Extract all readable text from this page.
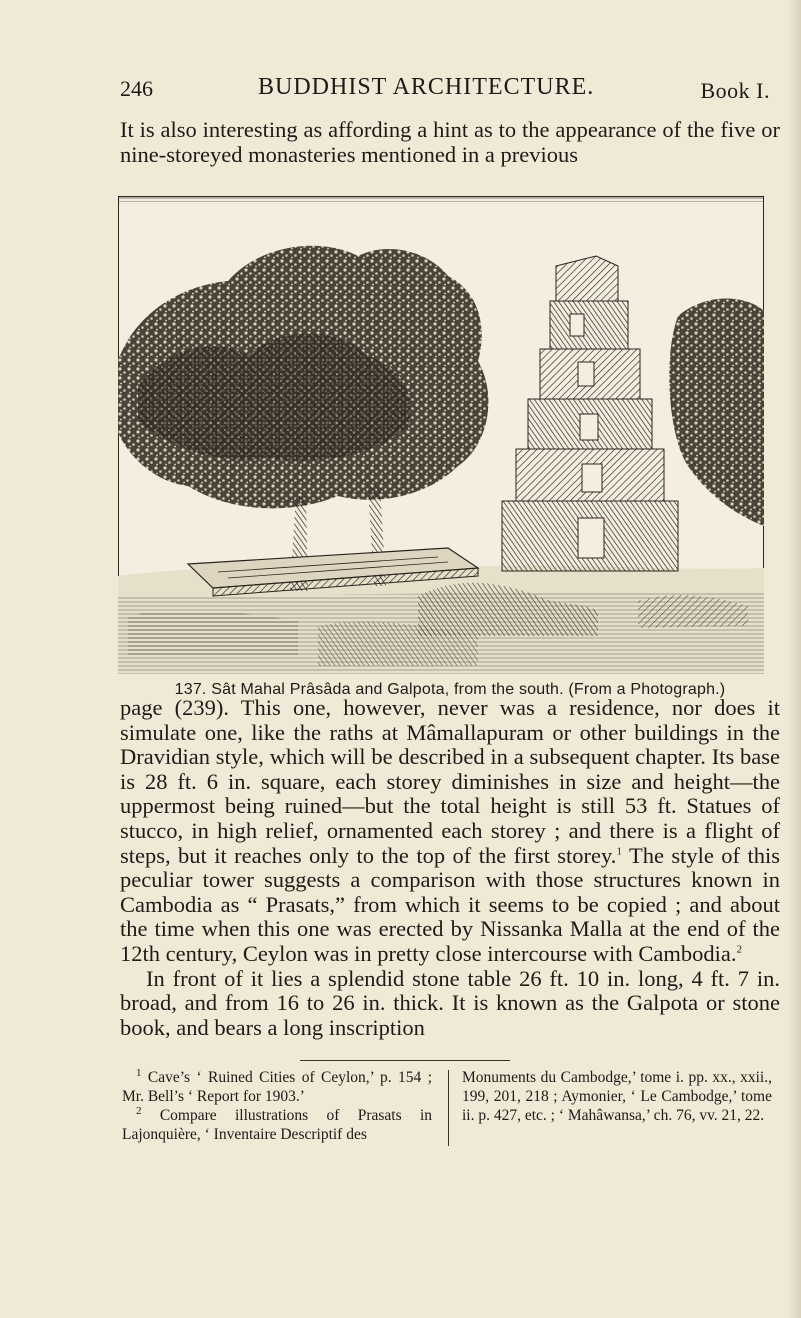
246	BUDDHIST ARCHITECTURE.	Book I.
It is also interesting as affording a hint as to the appearance of the five or nine-storeyed monasteries mentioned in a previous
137. Sât Mahal Prâsâda and Galpota, from the south. (From a Photograph.)

page (239). This one, however, never was a residence, nor does it simulate one, like the raths at Mâmallapuram or other buildings in the Dravidian style, which will be described in a subsequent chapter. Its base is 28 ft. 6 in. square, each storey diminishes in size and height—the uppermost being ruined—but the total height is still 53 ft. Statues of stucco, in high relief, ornamented each storey ; and there is a flight of steps, but it reaches only to the top of the first storey.$^1$ The style of this peculiar tower suggests a comparison with those structures known in Cambodia as “ Prasats,” from which it seems to be copied ; and about the time when this one was erected by Nissanka Malla at the end of the 12th century, Ceylon was in pretty close intercourse with Cambodia.$^2$

In front of it lies a splendid stone table 26 ft. 10 in. long, 4 ft. 7 in. broad, and from 16 to 26 in. thick. It is known as the Galpota or stone book, and bears a long inscription

$^1$ Cave’s ‘ Ruined Cities of Ceylon,’ p. 154 ; Mr. Bell’s ‘ Report for 1903.’

$^2$ Compare illustrations of Prasats in Lajonquière, ‘ Inventaire Descriptif des

Monuments du Cambodge,’ tome i. pp. xx., xxii., 199, 201, 218 ; Aymonier, ‘ Le Cambodge,’ tome ii. p. 427, etc. ; ‘ Mahâwansa,’ ch. 76, vv. 21, 22.
